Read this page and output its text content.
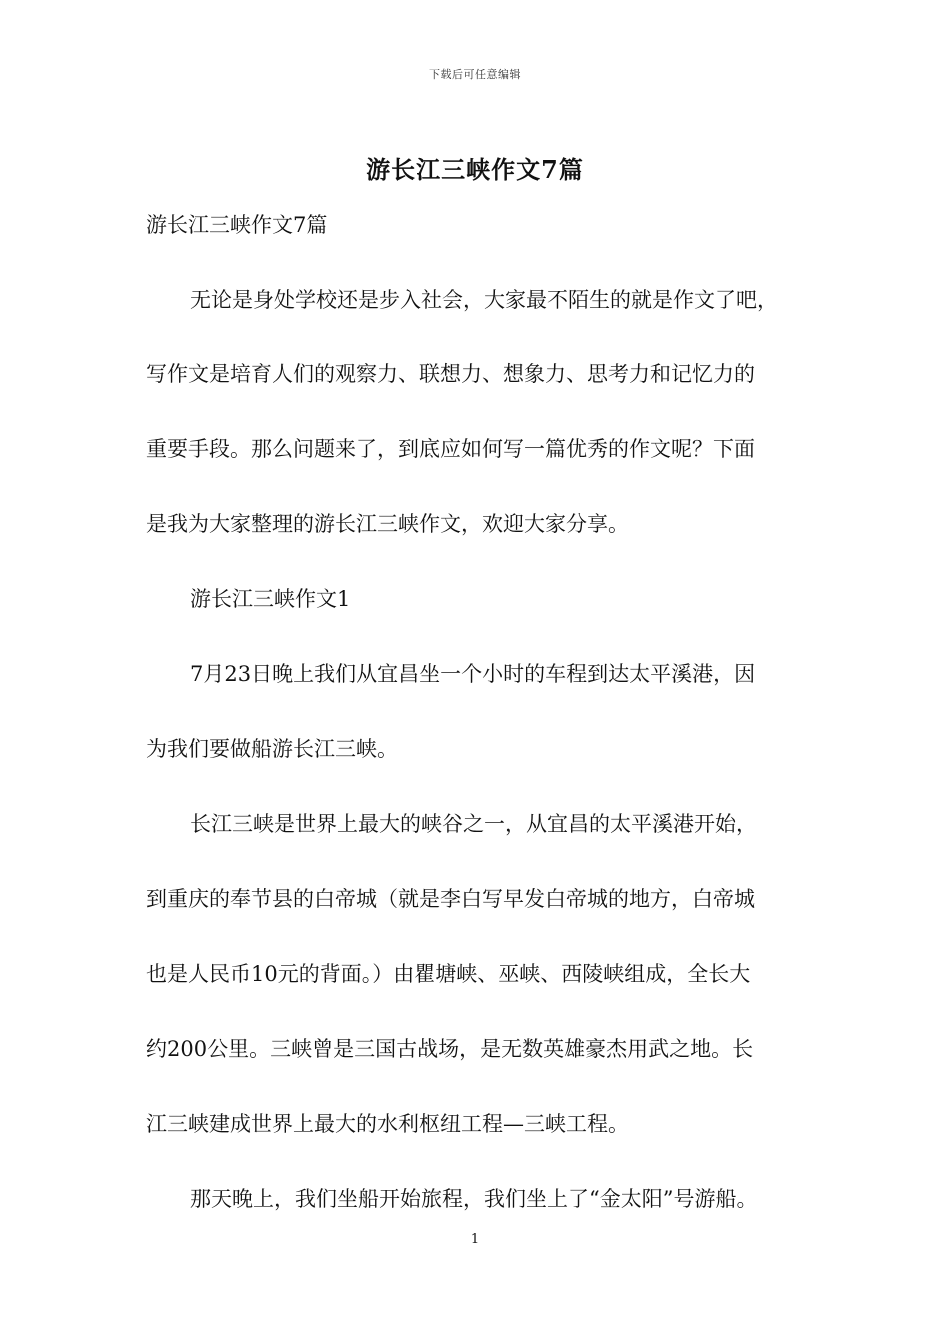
下载后可任意编辑
游长江三峡作文7篇
游长江三峡作文7篇
无论是身处学校还是步入社会，大家最不陌生的就是作文了吧，
写作文是培育人们的观察力、联想力、想象力、思考力和记忆力的
重要手段。那么问题来了，到底应如何写一篇优秀的作文呢？下面
是我为大家整理的游长江三峡作文，欢迎大家分享。
游长江三峡作文1
7月23日晚上我们从宜昌坐一个小时的车程到达太平溪港，因
为我们要做船游长江三峡。
长江三峡是世界上最大的峡谷之一，从宜昌的太平溪港开始，
到重庆的奉节县的白帝城（就是李白写早发白帝城的地方，白帝城
也是人民币10元的背面。）由瞿塘峡、巫峡、西陵峡组成，全长大
约200公里。三峡曾是三国古战场，是无数英雄豪杰用武之地。长
江三峡建成世界上最大的水利枢纽工程—三峡工程。
那天晚上，我们坐船开始旅程，我们坐上了“金太阳”号游船。
1
